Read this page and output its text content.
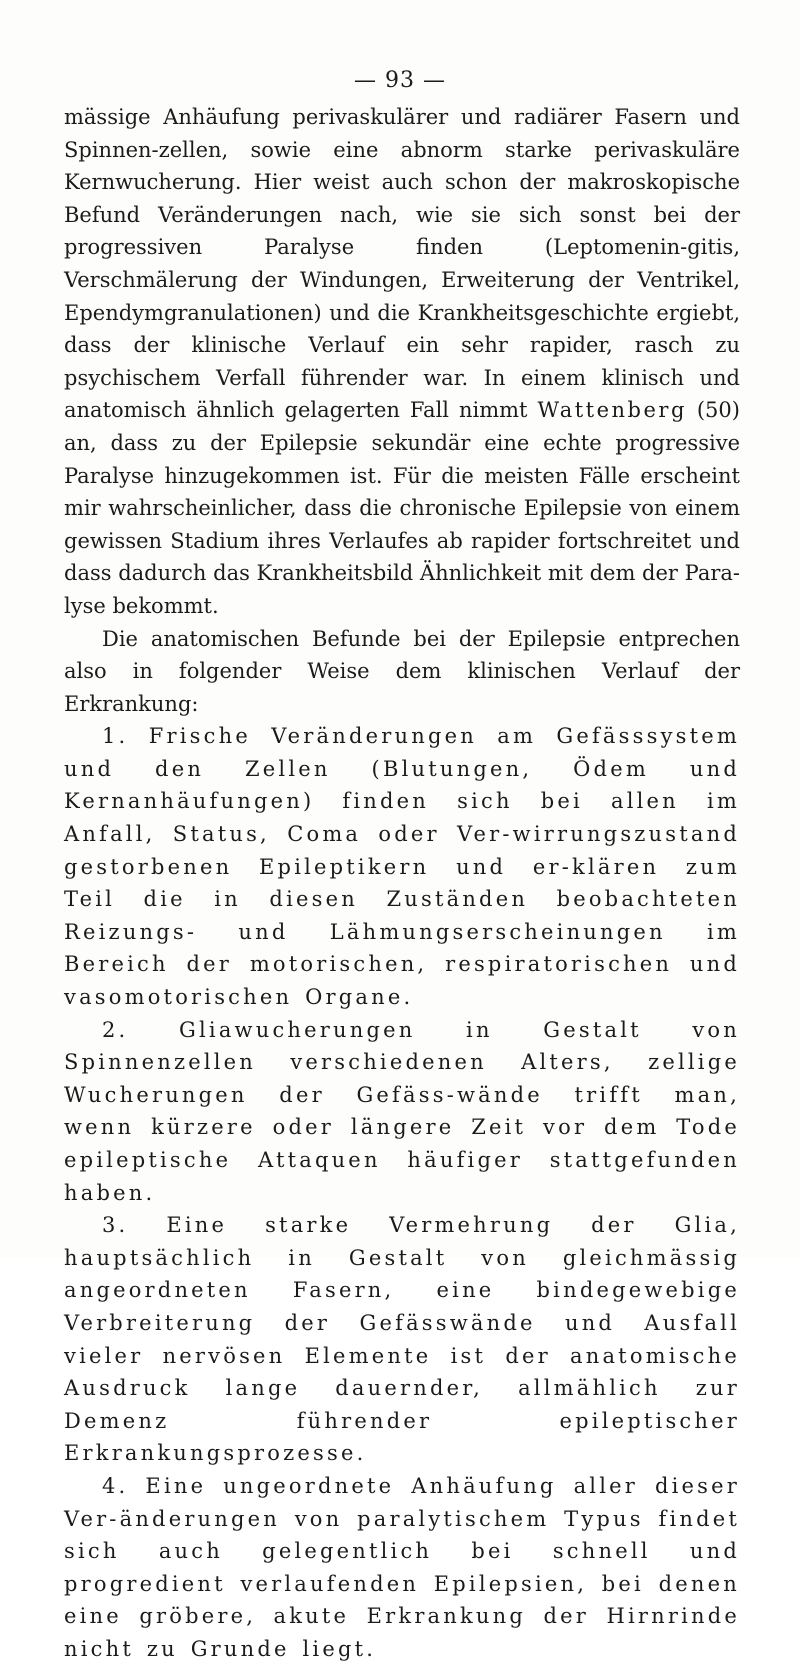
— 93 —

mässige Anhäufung perivaskulärer und radiärer Fasern und Spinnen-zellen, sowie eine abnorm starke perivaskuläre Kernwucherung. Hier weist auch schon der makroskopische Befund Veränderungen nach, wie sie sich sonst bei der progressiven Paralyse finden (Leptomenin-gitis, Verschmälerung der Windungen, Erweiterung der Ventrikel, Ependymgranulationen) und die Krankheitsgeschichte ergiebt, dass der klinische Verlauf ein sehr rapider, rasch zu psychischem Verfall führender war. In einem klinisch und anatomisch ähnlich gelagerten Fall nimmt Wattenberg (50) an, dass zu der Epilepsie sekundär eine echte progressive Paralyse hinzugekommen ist. Für die meisten Fälle erscheint mir wahrscheinlicher, dass die chronische Epilepsie von einem gewissen Stadium ihres Verlaufes ab rapider fortschreitet und dass dadurch das Krankheitsbild Ähnlichkeit mit dem der Para-lyse bekommt.

Die anatomischen Befunde bei der Epilepsie entprechen also in folgender Weise dem klinischen Verlauf der Erkrankung:

1. Frische Veränderungen am Gefässsystem und den Zellen (Blutungen, Ödem und Kernanhäufungen) finden sich bei allen im Anfall, Status, Coma oder Ver-wirrungszustand gestorbenen Epileptikern und er-klären zum Teil die in diesen Zuständen beobachteten Reizungs- und Lähmungserscheinungen im Bereich der motorischen, respiratorischen und vasomotorischen Organe.

2. Gliawucherungen in Gestalt von Spinnenzellen verschiedenen Alters, zellige Wucherungen der Gefäss-wände trifft man, wenn kürzere oder längere Zeit vor dem Tode epileptische Attaquen häufiger stattgefunden haben.

3. Eine starke Vermehrung der Glia, hauptsächlich in Gestalt von gleichmässig angeordneten Fasern, eine bindegewebige Verbreiterung der Gefässwände und Ausfall vieler nervösen Elemente ist der anatomische Ausdruck lange dauernder, allmählich zur Demenz führender epileptischer Erkrankungsprozesse.

4. Eine ungeordnete Anhäufung aller dieser Ver-änderungen von paralytischem Typus findet sich auch gelegentlich bei schnell und progredient verlaufenden Epilepsien, bei denen eine gröbere, akute Erkrankung der Hirnrinde nicht zu Grunde liegt.
